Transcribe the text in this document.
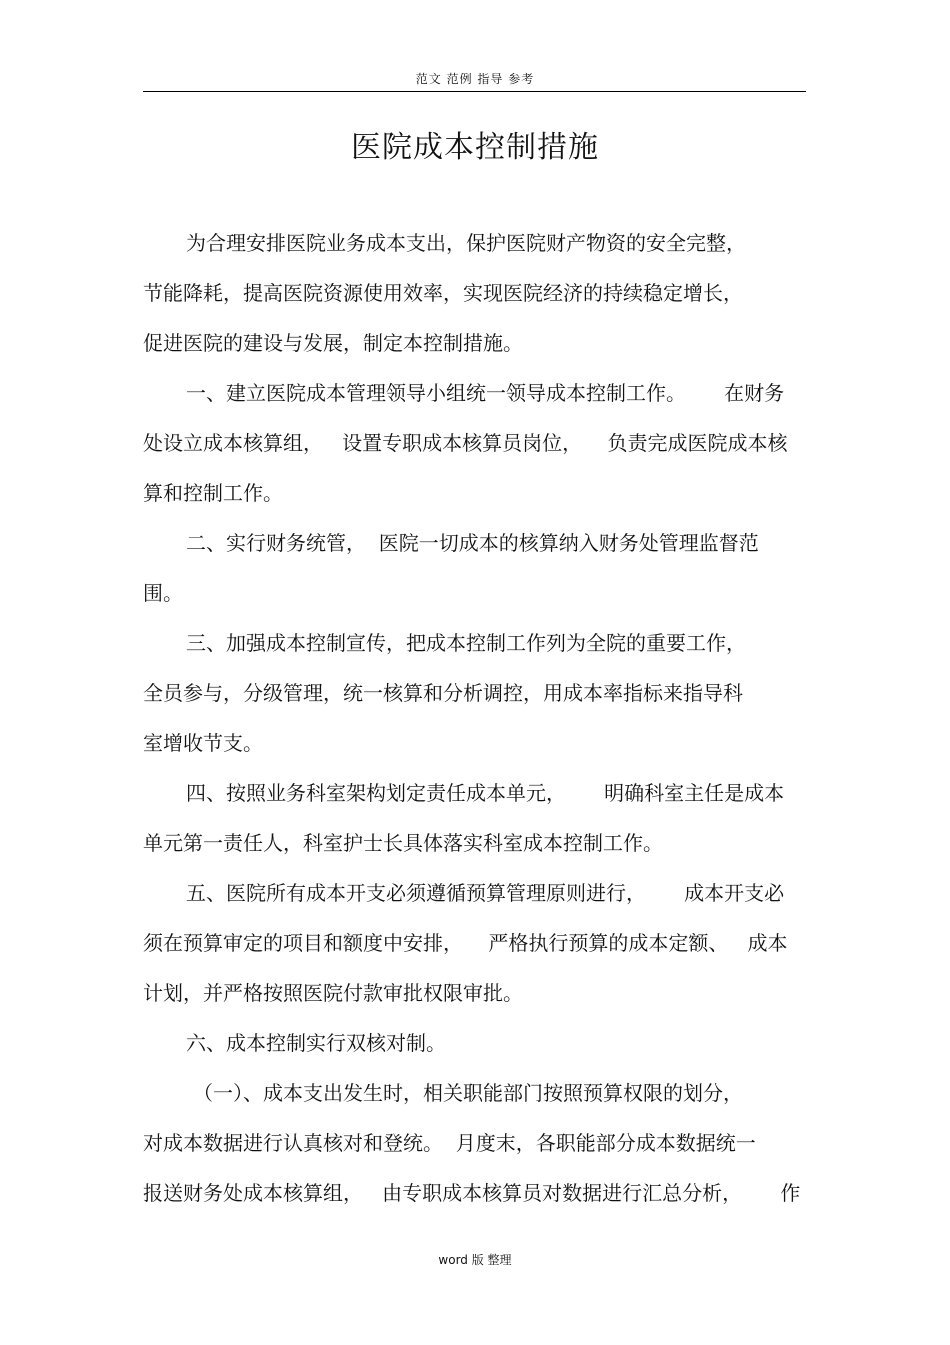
范文 范例 指导 参考
医院成本控制措施
为合理安排医院业务成本支出，保护医院财产物资的安全完整，
节能降耗，提高医院资源使用效率，实现医院经济的持续稳定增长，
促进医院的建设与发展，制定本控制措施。
一、建立医院成本管理领导小组统一领导成本控制工作。      在财务
处设立成本核算组，   设置专职成本核算员岗位，    负责完成医院成本核
算和控制工作。
二、实行财务统管，  医院一切成本的核算纳入财务处管理监督范
围。
三、加强成本控制宣传，把成本控制工作列为全院的重要工作，
全员参与，分级管理，统一核算和分析调控，用成本率指标来指导科
室增收节支。
四、按照业务科室架构划定责任成本单元，      明确科室主任是成本
单元第一责任人，科室护士长具体落实科室成本控制工作。
五、医院所有成本开支必须遵循预算管理原则进行，      成本开支必
须在预算审定的项目和额度中安排，    严格执行预算的成本定额、   成本
计划，并严格按照医院付款审批权限审批。
六、成本控制实行双核对制。
（一）、成本支出发生时，相关职能部门按照预算权限的划分，
对成本数据进行认真核对和登统。  月度末，各职能部分成本数据统一
报送财务处成本核算组，   由专职成本核算员对数据进行汇总分析，      作
word 版 整理
